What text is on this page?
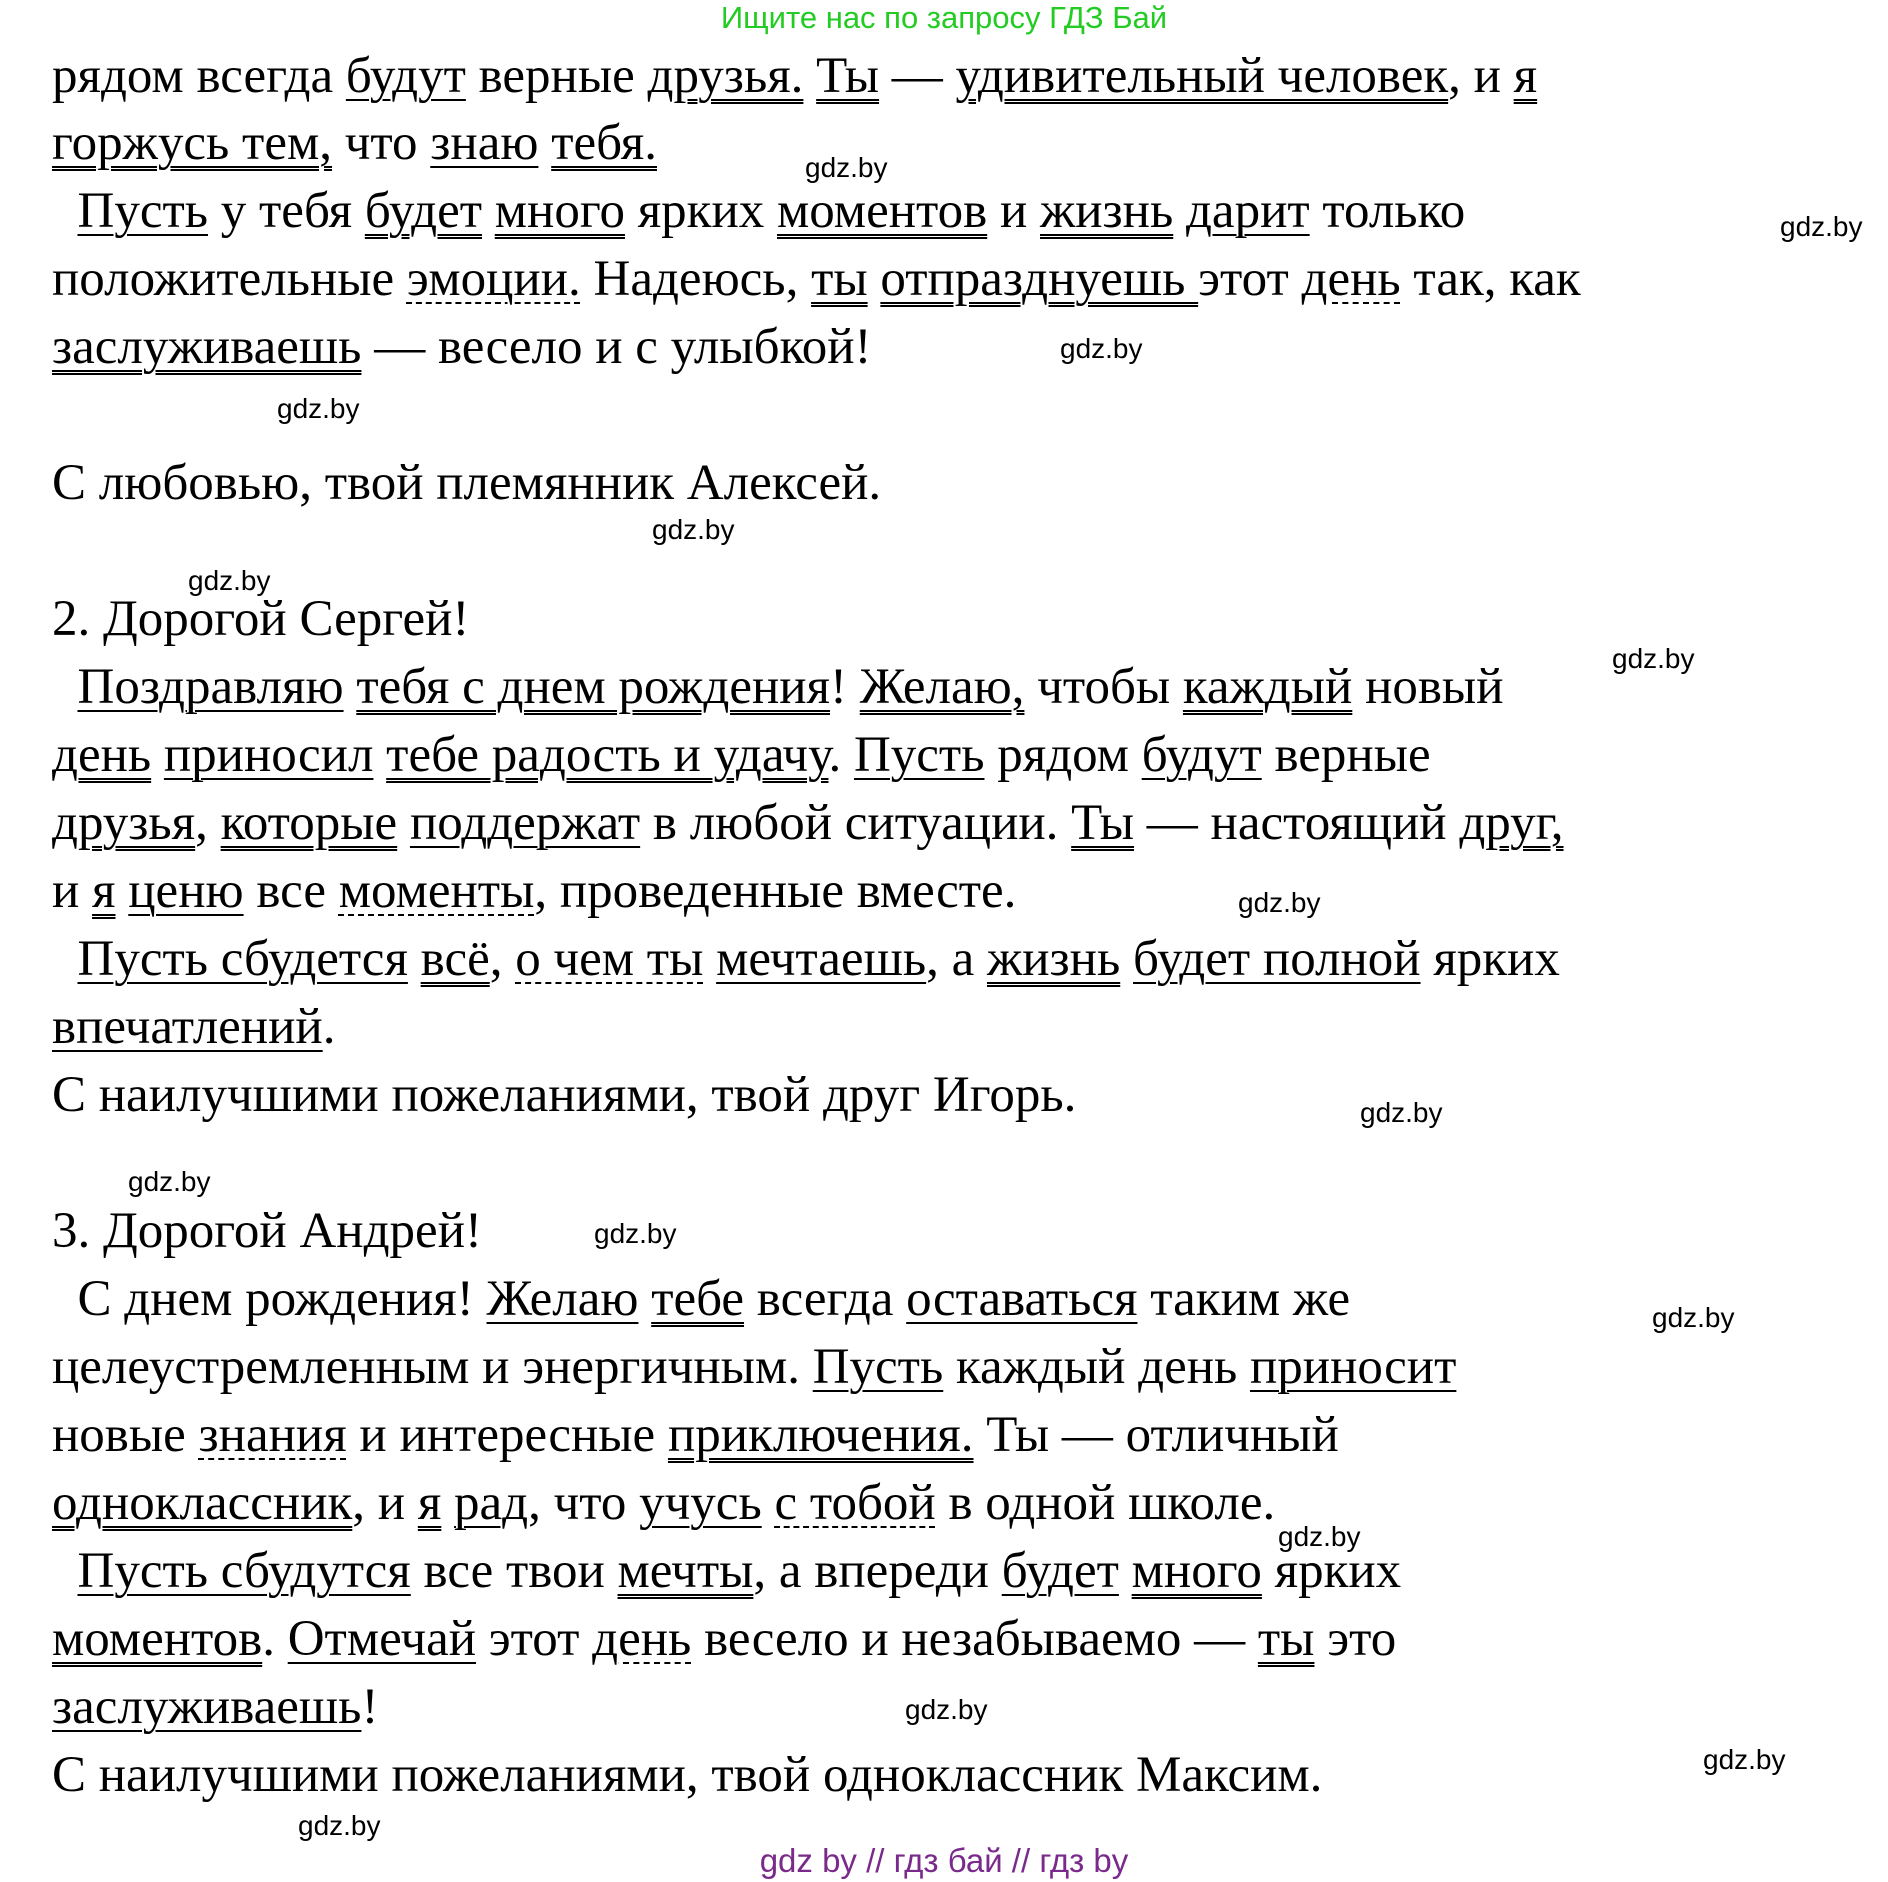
Ищите нас по запросу ГДЗ Бай
рядом всегда будут верные друзья. Ты — удивительный человек, и я
горжусь тем, что знаю тебя.
Пусть у тебя будет много ярких моментов и жизнь дарит только
положительные эмоции. Надеюсь, ты отпразднуешь этот день так, как
заслуживаешь — весело и с улыбкой!
С любовью, твой племянник Алексей.
2. Дорогой Сергей!
Поздравляю тебя с днем рождения! Желаю, чтобы каждый новый
день приносил тебе радость и удачу. Пусть рядом будут верные
друзья, которые поддержат в любой ситуации. Ты — настоящий друг,
и я ценю все моменты, проведенные вместе.
Пусть сбудется всё, о чем ты мечтаешь, а жизнь будет полной ярких
впечатлений.
С наилучшими пожеланиями, твой друг Игорь.
3. Дорогой Андрей!
С днем рождения! Желаю тебе всегда оставаться таким же
целеустремленным и энергичным. Пусть каждый день приносит
новые знания и интересные приключения. Ты — отличный
одноклассник, и я рад, что учусь с тобой в одной школе.
Пусть сбудутся все твои мечты, а впереди будет много ярких
моментов. Отмечай этот день весело и незабываемо — ты это
заслуживаешь!
С наилучшими пожеланиями, твой одноклассник Максим.
gdz.by
gdz.by
gdz.by
gdz.by
gdz.by
gdz.by
gdz.by
gdz.by
gdz.by
gdz.by
gdz.by
gdz.by
gdz.by
gdz.by
gdz.by
gdz.by
gdz by // гдз бай // гдз by
